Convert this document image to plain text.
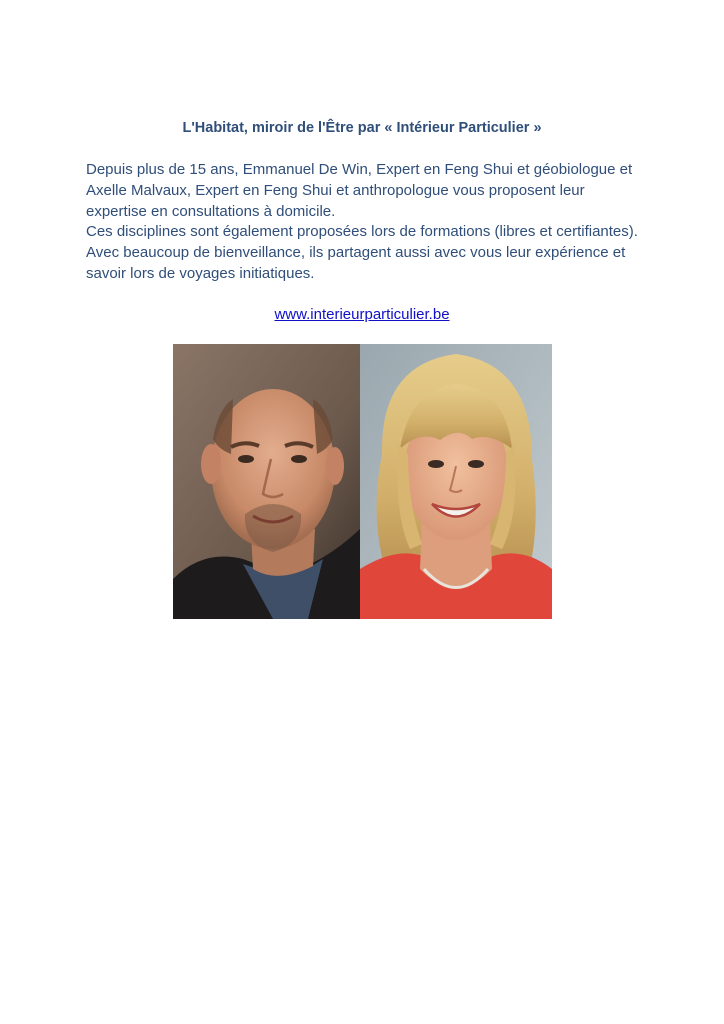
L'Habitat, miroir de l'Être par « Intérieur Particulier »

Depuis plus de 15 ans, Emmanuel De Win, Expert en Feng Shui et géobiologue et Axelle Malvaux, Expert en Feng Shui et anthropologue vous proposent leur expertise en consultations à domicile.

Ces disciplines sont également proposées lors de formations (libres et certifiantes). Avec beaucoup de bienveillance, ils partagent aussi avec vous leur expérience et savoir lors de voyages initiatiques.

www.interieurparticulier.be
